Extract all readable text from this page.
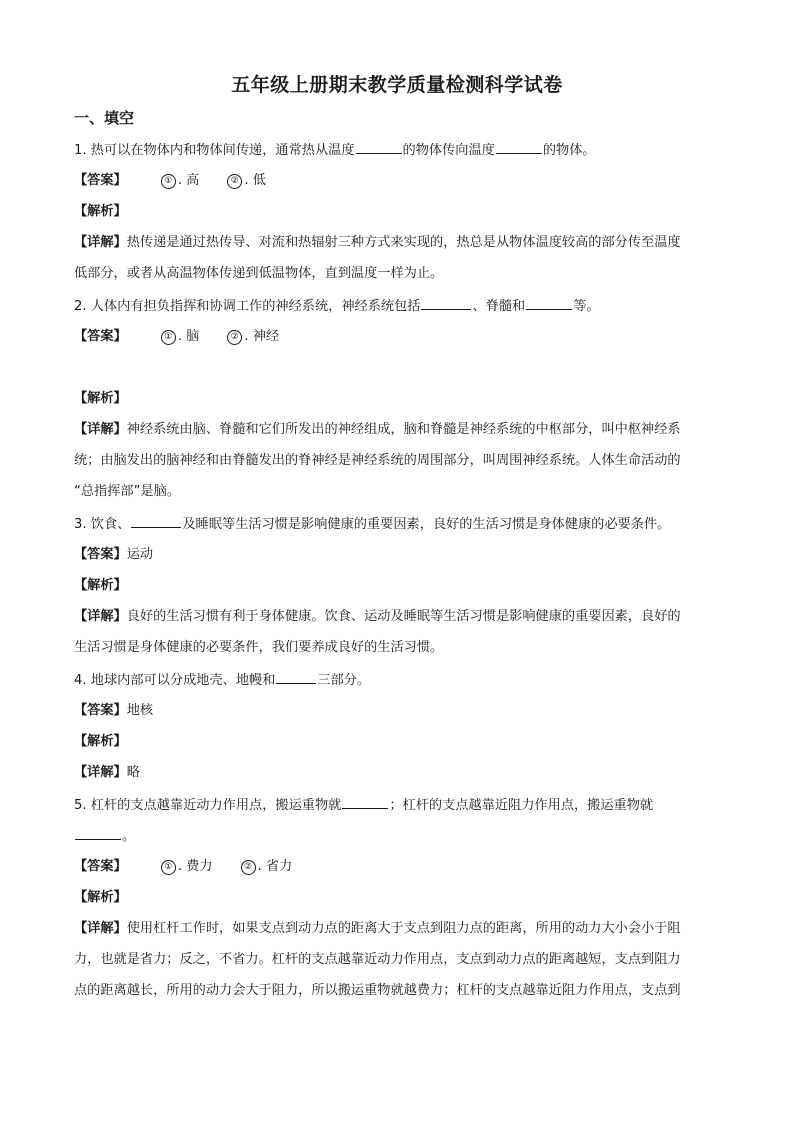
五年级上册期末教学质量检测科学试卷
一、填空
1. 热可以在物体内和物体间传递，通常热从温度	的物体传向温度	的物体。
【答案】	① . 高	② . 低
【解析】
【详解】热传递是通过热传导、对流和热辐射三种方式来实现的，热总是从物体温度较高的部分传至温度
低部分，或者从高温物体传递到低温物体，直到温度一样为止。
2. 人体内有担负指挥和协调工作的神经系统，神经系统包括	、脊髓和	等。
【答案】	① . 脑	② . 神经
【解析】
【详解】神经系统由脑、脊髓和它们所发出的神经组成，脑和脊髓是神经系统的中枢部分，叫中枢神经系
统；由脑发出的脑神经和由脊髓发出的脊神经是神经系统的周围部分，叫周围神经系统。人体生命活动的
“总指挥部”是脑。
3. 饮食、	及睡眠等生活习惯是影响健康的重要因素，良好的生活习惯是身体健康的必要条件。
【答案】运动
【解析】
【详解】良好的生活习惯有利于身体健康。饮食、运动及睡眠等生活习惯是影响健康的重要因素，良好的
生活习惯是身体健康的必要条件，我们要养成良好的生活习惯。
4. 地球内部可以分成地壳、地幔和	三部分。
【答案】地核
【解析】
【详解】略
5. 杠杆的支点越靠近动力作用点，搬运重物就	；杠杆的支点越靠近阻力作用点，搬运重物就
。
【答案】	① . 费力	② . 省力
【解析】
【详解】使用杠杆工作时，如果支点到动力点的距离大于支点到阻力点的距离，所用的动力大小会小于阻
力，也就是省力；反之，不省力。杠杆的支点越靠近动力作用点，支点到动力点的距离越短，支点到阻力
点的距离越长，所用的动力会大于阻力，所以搬运重物就越费力；杠杆的支点越靠近阻力作用点，支点到
